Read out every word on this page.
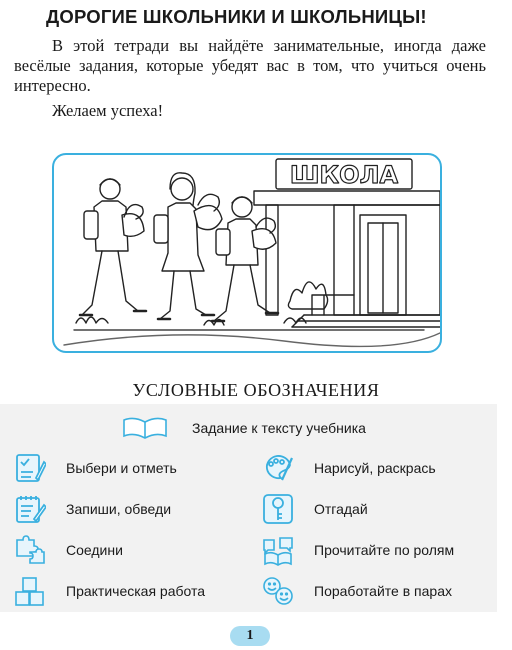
ДОРОГИЕ ШКОЛЬНИКИ И ШКОЛЬНИЦЫ!

В этой тетради вы найдёте занимательные, иногда даже весёлые задания, которые убедят вас в том, что учиться очень интересно.

Желаем успеха!
ШКОЛА
УСЛОВНЫЕ ОБОЗНАЧЕНИЯ
Задание к тексту учебника
Выбери и отметь	Нарисуй, раскрась
Запиши, обведи	Отгадай
Соедини	Прочитайте по ролям
Практическая работа	Поработайте в парах
1
